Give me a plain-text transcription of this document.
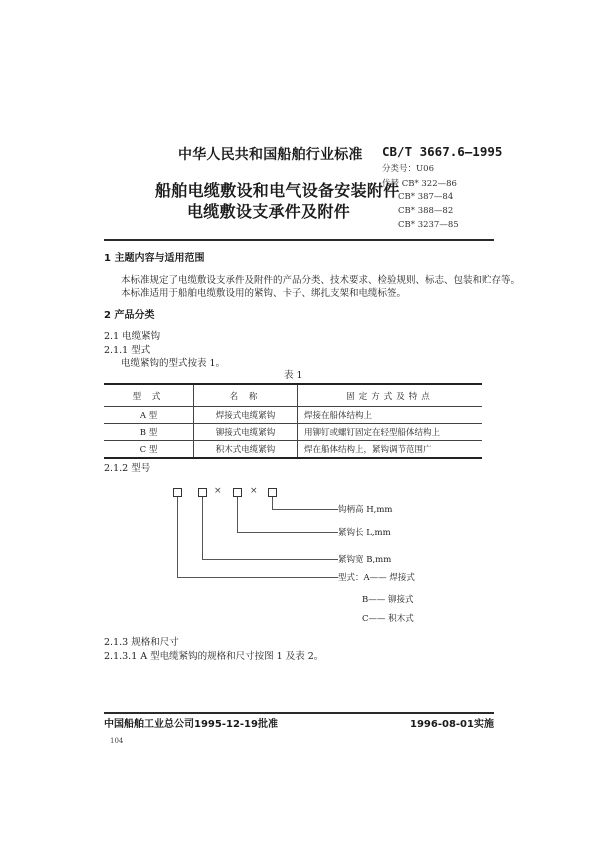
中华人民共和国船舶行业标准 CB/T 3667.6—1995
分类号：U06
代替 CB* 322—86
CB* 387—84
CB* 388—82
CB* 3237—85
船舶电缆敷设和电气设备安装附件
电缆敷设支承件及附件
1 主题内容与适用范围
本标准规定了电缆敷设支承件及附件的产品分类、技术要求、检验规则、标志、包装和贮存等。
本标准适用于船舶电缆敷设用的紧钩、卡子、绑扎支架和电缆标签。
2 产品分类
2.1 电缆紧钩
2.1.1 型式
电缆紧钩的型式按表 1。
表 1
型 式	名 称	固定方式及特点
A 型	焊接式电缆紧钩	焊接在船体结构上
B 型	铆接式电缆紧钩	用铆钉或螺钉固定在轻型船体结构上
C 型	积木式电缆紧钩	焊在船体结构上，紧钩调节范围广
2.1.2 型号
×	×
钩柄高 H,mm
紧钩长 L,mm
紧钩宽 B,mm
型式：A—— 焊接式
B—— 铆接式
C—— 积木式
2.1.3 规格和尺寸
2.1.3.1 A 型电缆紧钩的规格和尺寸按图 1 及表 2。
中国船舶工业总公司1995-12-19批准	1996-08-01实施
104
